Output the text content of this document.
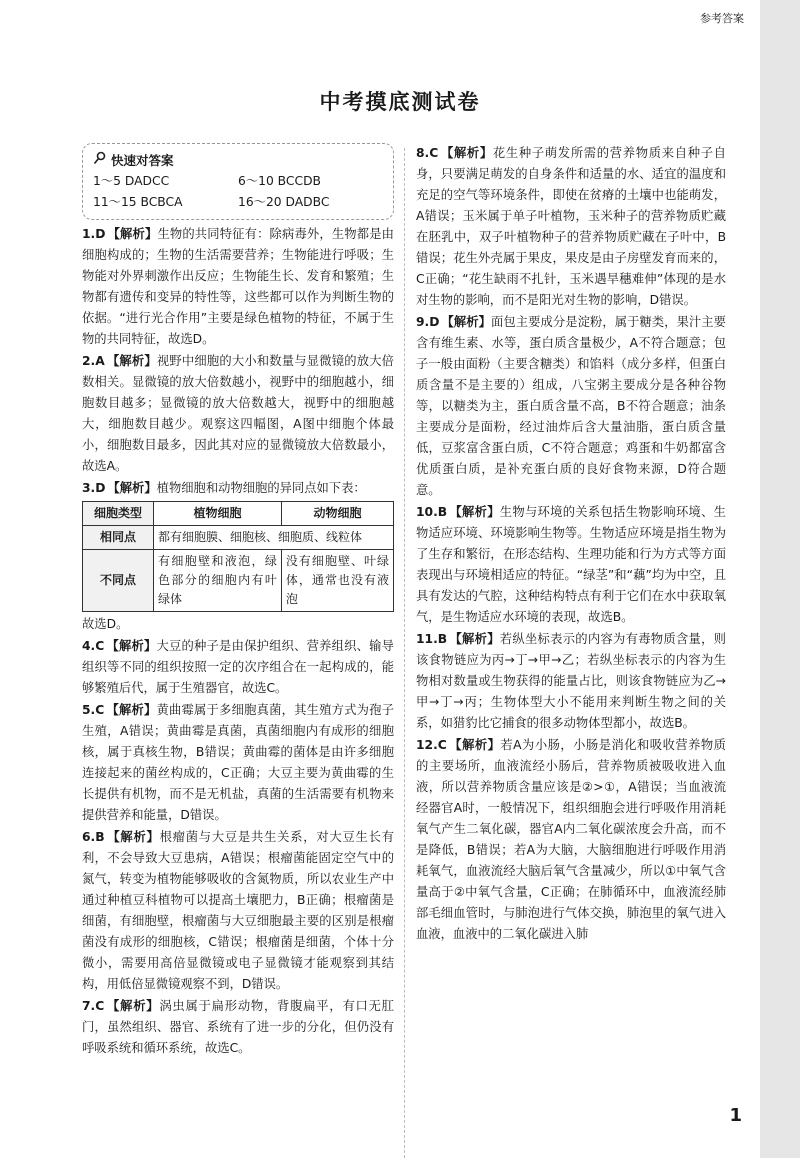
参考答案
中考摸底测试卷
快速对答案
1～5 DADCC	6～10 BCCDB
11～15 BCBCA	16～20 DADBC
1.D 【解析】生物的共同特征有：除病毒外，生物都是由细胞构成的；生物的生活需要营养；生物能进行呼吸；生物能对外界刺激作出反应；生物能生长、发育和繁殖；生物都有遗传和变异的特性等，这些都可以作为判断生物的依据。“进行光合作用”主要是绿色植物的特征，不属于生物的共同特征，故选D。
2.A 【解析】视野中细胞的大小和数量与显微镜的放大倍数相关。显微镜的放大倍数越小，视野中的细胞越小，细胞数目越多；显微镜的放大倍数越大，视野中的细胞越大，细胞数目越少。观察这四幅图，A图中细胞个体最小，细胞数目最多，因此其对应的显微镜放大倍数最小，故选A。
3.D 【解析】植物细胞和动物细胞的异同点如下表：
细胞类型	植物细胞	动物细胞
相同点	都有细胞膜、细胞核、细胞质、线粒体	
不同点	有细胞壁和液泡，绿色部分的细胞内有叶绿体	没有细胞壁、叶绿体，通常也没有液泡
故选D。
4.C 【解析】大豆的种子是由保护组织、营养组织、输导组织等不同的组织按照一定的次序组合在一起构成的，能够繁殖后代，属于生殖器官，故选C。
5.C 【解析】黄曲霉属于多细胞真菌，其生殖方式为孢子生殖，A错误；黄曲霉是真菌，真菌细胞内有成形的细胞核，属于真核生物，B错误；黄曲霉的菌体是由许多细胞连接起来的菌丝构成的，C正确；大豆主要为黄曲霉的生长提供有机物，而不是无机盐，真菌的生活需要有机物来提供营养和能量，D错误。
6.B 【解析】根瘤菌与大豆是共生关系，对大豆生长有利，不会导致大豆患病，A错误；根瘤菌能固定空气中的氮气，转变为植物能够吸收的含氮物质，所以农业生产中通过种植豆科植物可以提高土壤肥力，B正确；根瘤菌是细菌，有细胞壁，根瘤菌与大豆细胞最主要的区别是根瘤菌没有成形的细胞核，C错误；根瘤菌是细菌，个体十分微小，需要用高倍显微镜或电子显微镜才能观察到其结构，用低倍显微镜观察不到，D错误。
7.C 【解析】涡虫属于扁形动物，背腹扁平，有口无肛门，虽然组织、器官、系统有了进一步的分化，但仍没有呼吸系统和循环系统，故选C。
8.C 【解析】花生种子萌发所需的营养物质来自种子自身，只要满足萌发的自身条件和适量的水、适宜的温度和充足的空气等环境条件，即使在贫瘠的土壤中也能萌发，A错误；玉米属于单子叶植物，玉米种子的营养物质贮藏在胚乳中，双子叶植物种子的营养物质贮藏在子叶中，B错误；花生外壳属于果皮，果皮是由子房壁发育而来的，C正确；“花生缺雨不扎针，玉米遇旱穗难伸”体现的是水对生物的影响，而不是阳光对生物的影响，D错误。
9.D 【解析】面包主要成分是淀粉，属于糖类，果汁主要含有维生素、水等，蛋白质含量极少，A不符合题意；包子一般由面粉（主要含糖类）和馅料（成分多样，但蛋白质含量不是主要的）组成，八宝粥主要成分是各种谷物等，以糖类为主，蛋白质含量不高，B不符合题意；油条主要成分是面粉，经过油炸后含大量油脂，蛋白质含量低，豆浆富含蛋白质，C不符合题意；鸡蛋和牛奶都富含优质蛋白质，是补充蛋白质的良好食物来源，D符合题意。
10.B 【解析】生物与环境的关系包括生物影响环境、生物适应环境、环境影响生物等。生物适应环境是指生物为了生存和繁衍，在形态结构、生理功能和行为方式等方面表现出与环境相适应的特征。“绿茎”和“藕”均为中空，且具有发达的气腔，这种结构特点有利于它们在水中获取氧气，是生物适应水环境的表现，故选B。
11.B 【解析】若纵坐标表示的内容为有毒物质含量，则该食物链应为丙→丁→甲→乙；若纵坐标表示的内容为生物相对数量或生物获得的能量占比，则该食物链应为乙→甲→丁→丙；生物体型大小不能用来判断生物之间的关系，如猎豹比它捕食的很多动物体型都小，故选B。
12.C 【解析】若A为小肠，小肠是消化和吸收营养物质的主要场所，血液流经小肠后，营养物质被吸收进入血液，所以营养物质含量应该是②>①，A错误；当血液流经器官A时，一般情况下，组织细胞会进行呼吸作用消耗氧气产生二氧化碳，器官A内二氧化碳浓度会升高，而不是降低，B错误；若A为大脑，大脑细胞进行呼吸作用消耗氧气，血液流经大脑后氧气含量减少，所以①中氧气含量高于②中氧气含量，C正确；在肺循环中，血液流经肺部毛细血管时，与肺泡进行气体交换，肺泡里的氧气进入血液，血液中的二氧化碳进入肺
1
